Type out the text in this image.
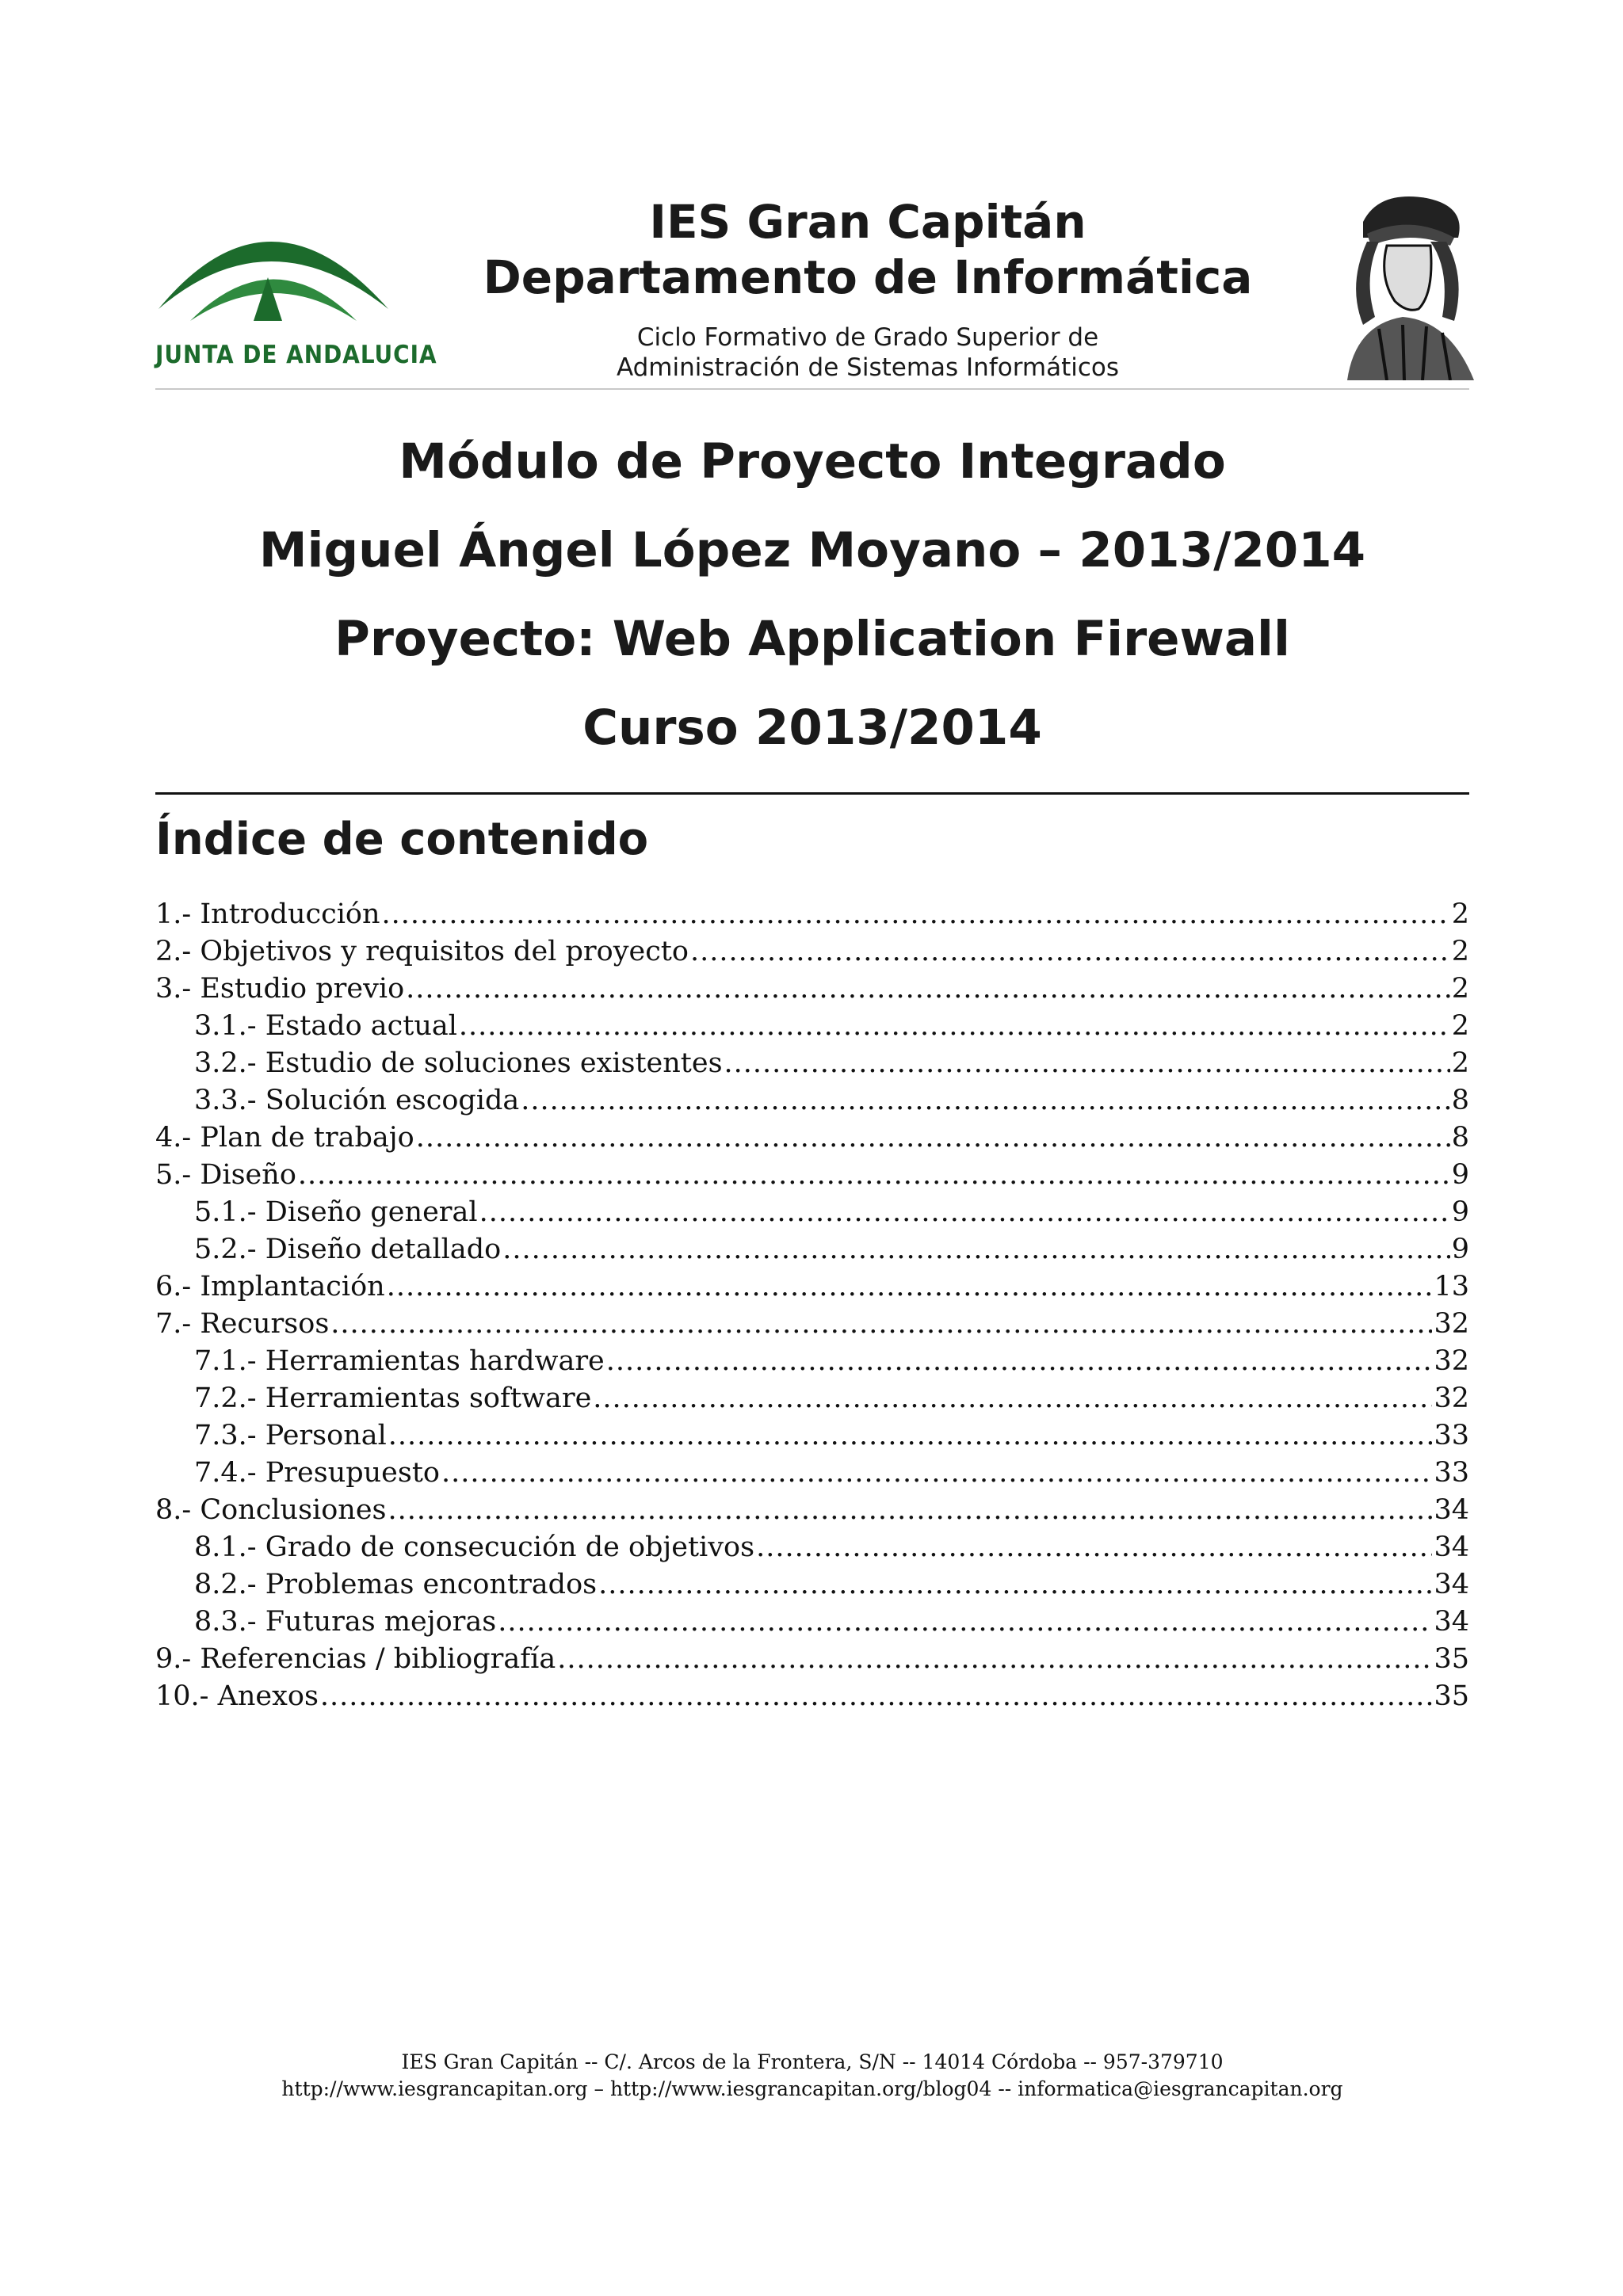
JUNTA DE ANDALUCIA
IES Gran Capitán
Departamento de Informática
Ciclo Formativo de Grado Superior de
Administración de Sistemas Informáticos
Módulo de Proyecto Integrado
Miguel Ángel López Moyano – 2013/2014
Proyecto: Web Application Firewall
Curso 2013/2014
Índice de contenido
1.- Introducción .....	2
2.- Objetivos y requisitos del proyecto .....	2
3.- Estudio previo .....	2
3.1.- Estado actual .....	2
3.2.- Estudio de soluciones existentes .....	2
3.3.- Solución escogida .....	8
4.- Plan de trabajo .....	8
5.- Diseño .....	9
5.1.- Diseño general .....	9
5.2.- Diseño detallado .....	9
6.- Implantación .....	13
7.- Recursos .....	32
7.1.- Herramientas hardware .....	32
7.2.- Herramientas software .....	32
7.3.- Personal .....	33
7.4.- Presupuesto .....	33
8.- Conclusiones .....	34
8.1.- Grado de consecución de objetivos .....	34
8.2.- Problemas encontrados .....	34
8.3.- Futuras mejoras .....	34
9.- Referencias / bibliografía .....	35
10.- Anexos .....	35
IES Gran Capitán -- C/. Arcos de la Frontera, S/N -- 14014 Córdoba -- 957-379710
http://www.iesgrancapitan.org – http://www.iesgrancapitan.org/blog04 -- informatica@iesgrancapitan.org
